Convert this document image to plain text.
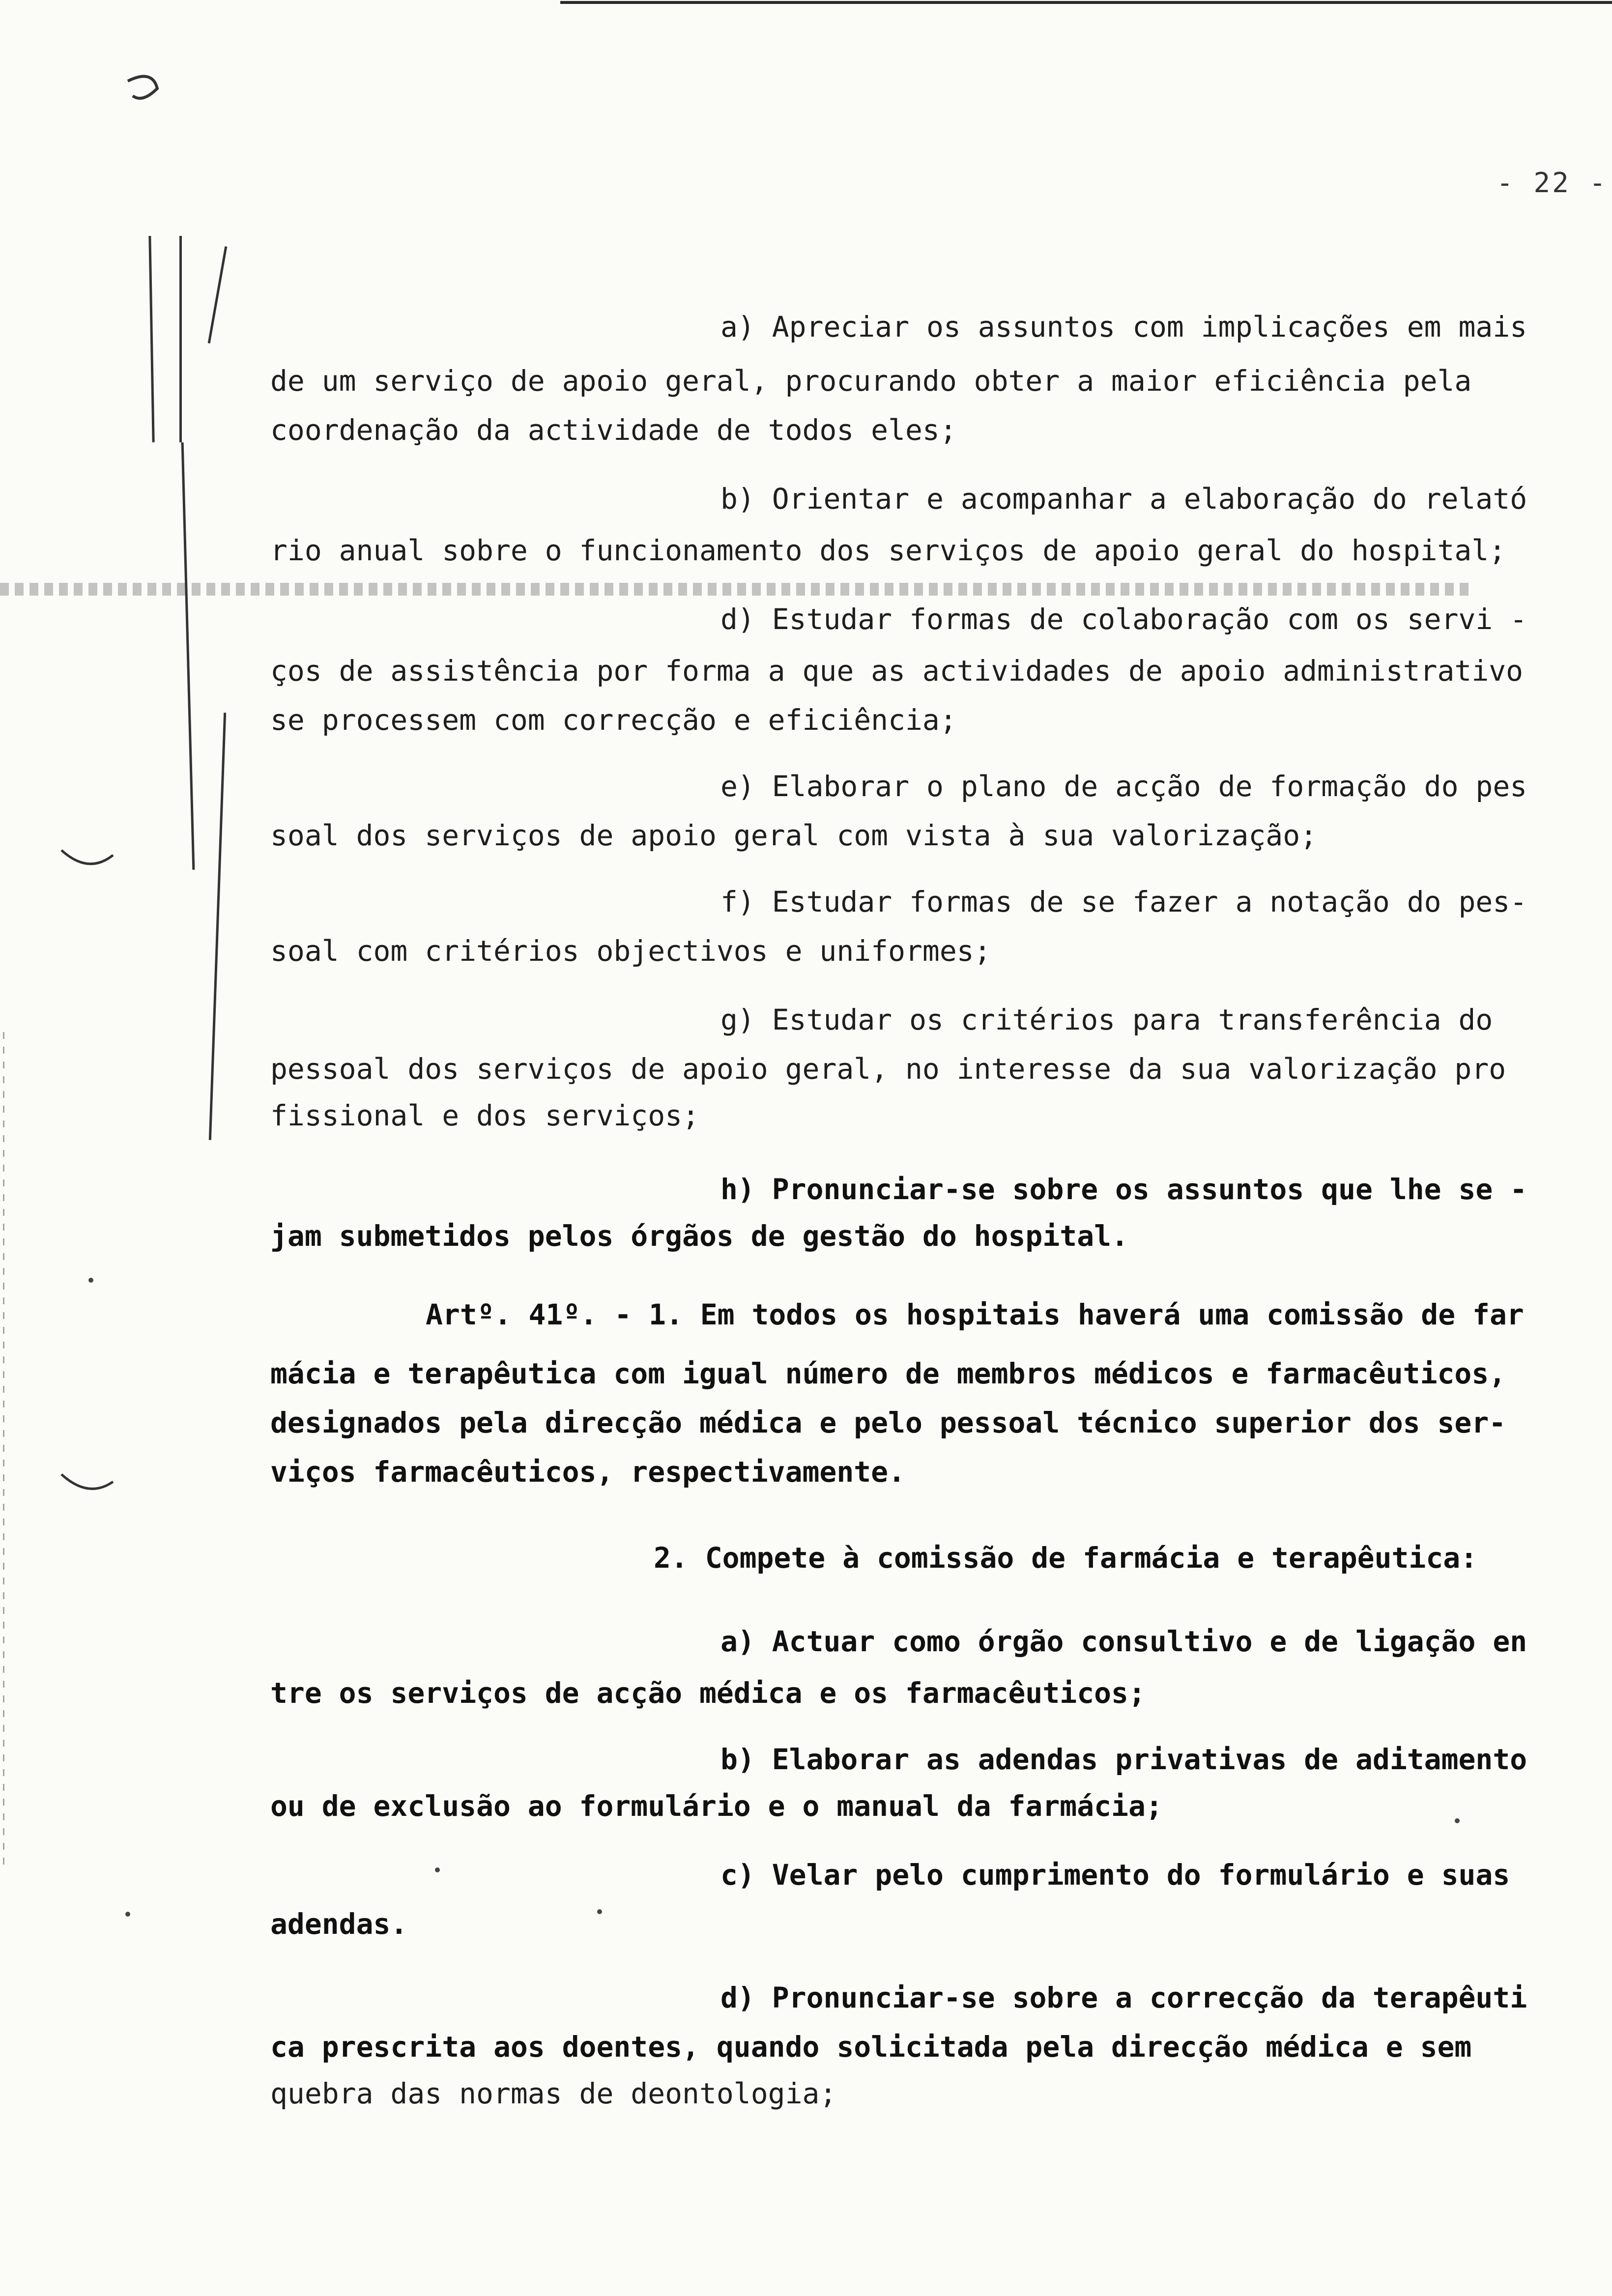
- 22 -
a) Apreciar os assuntos com implicações em mais
de um serviço de apoio geral, procurando obter a maior eficiência pela
coordenação da actividade de todos eles;
b) Orientar e acompanhar a elaboração do relató
rio anual sobre o funcionamento dos serviços de apoio geral do hospital;
d) Estudar formas de colaboração com os servi -
ços de assistência por forma a que as actividades de apoio administrativo
se processem com correcção e eficiência;
e) Elaborar o plano de acção de formação do pes
soal dos serviços de apoio geral com vista à sua valorização;
f) Estudar formas de se fazer a notação do pes-
soal com critérios objectivos e uniformes;
g) Estudar os critérios para transferência do
pessoal dos serviços de apoio geral, no interesse da sua valorização pro
fissional e dos serviços;
h) Pronunciar-se sobre os assuntos que lhe se -
jam submetidos pelos órgãos de gestão do hospital.
Artº. 41º. - 1. Em todos os hospitais haverá uma comissão de far
mácia e terapêutica com igual número de membros médicos e farmacêuticos,
designados pela direcção médica e pelo pessoal técnico superior dos ser-
viços farmacêuticos, respectivamente.
2. Compete à comissão de farmácia e terapêutica:
a) Actuar como órgão consultivo e de ligação en
tre os serviços de acção médica e os farmacêuticos;
b) Elaborar as adendas privativas de aditamento
ou de exclusão ao formulário e o manual da farmácia;
c) Velar pelo cumprimento do formulário e suas
adendas.
d) Pronunciar-se sobre a correcção da terapêuti
ca prescrita aos doentes, quando solicitada pela direcção médica e sem
quebra das normas de deontologia;
